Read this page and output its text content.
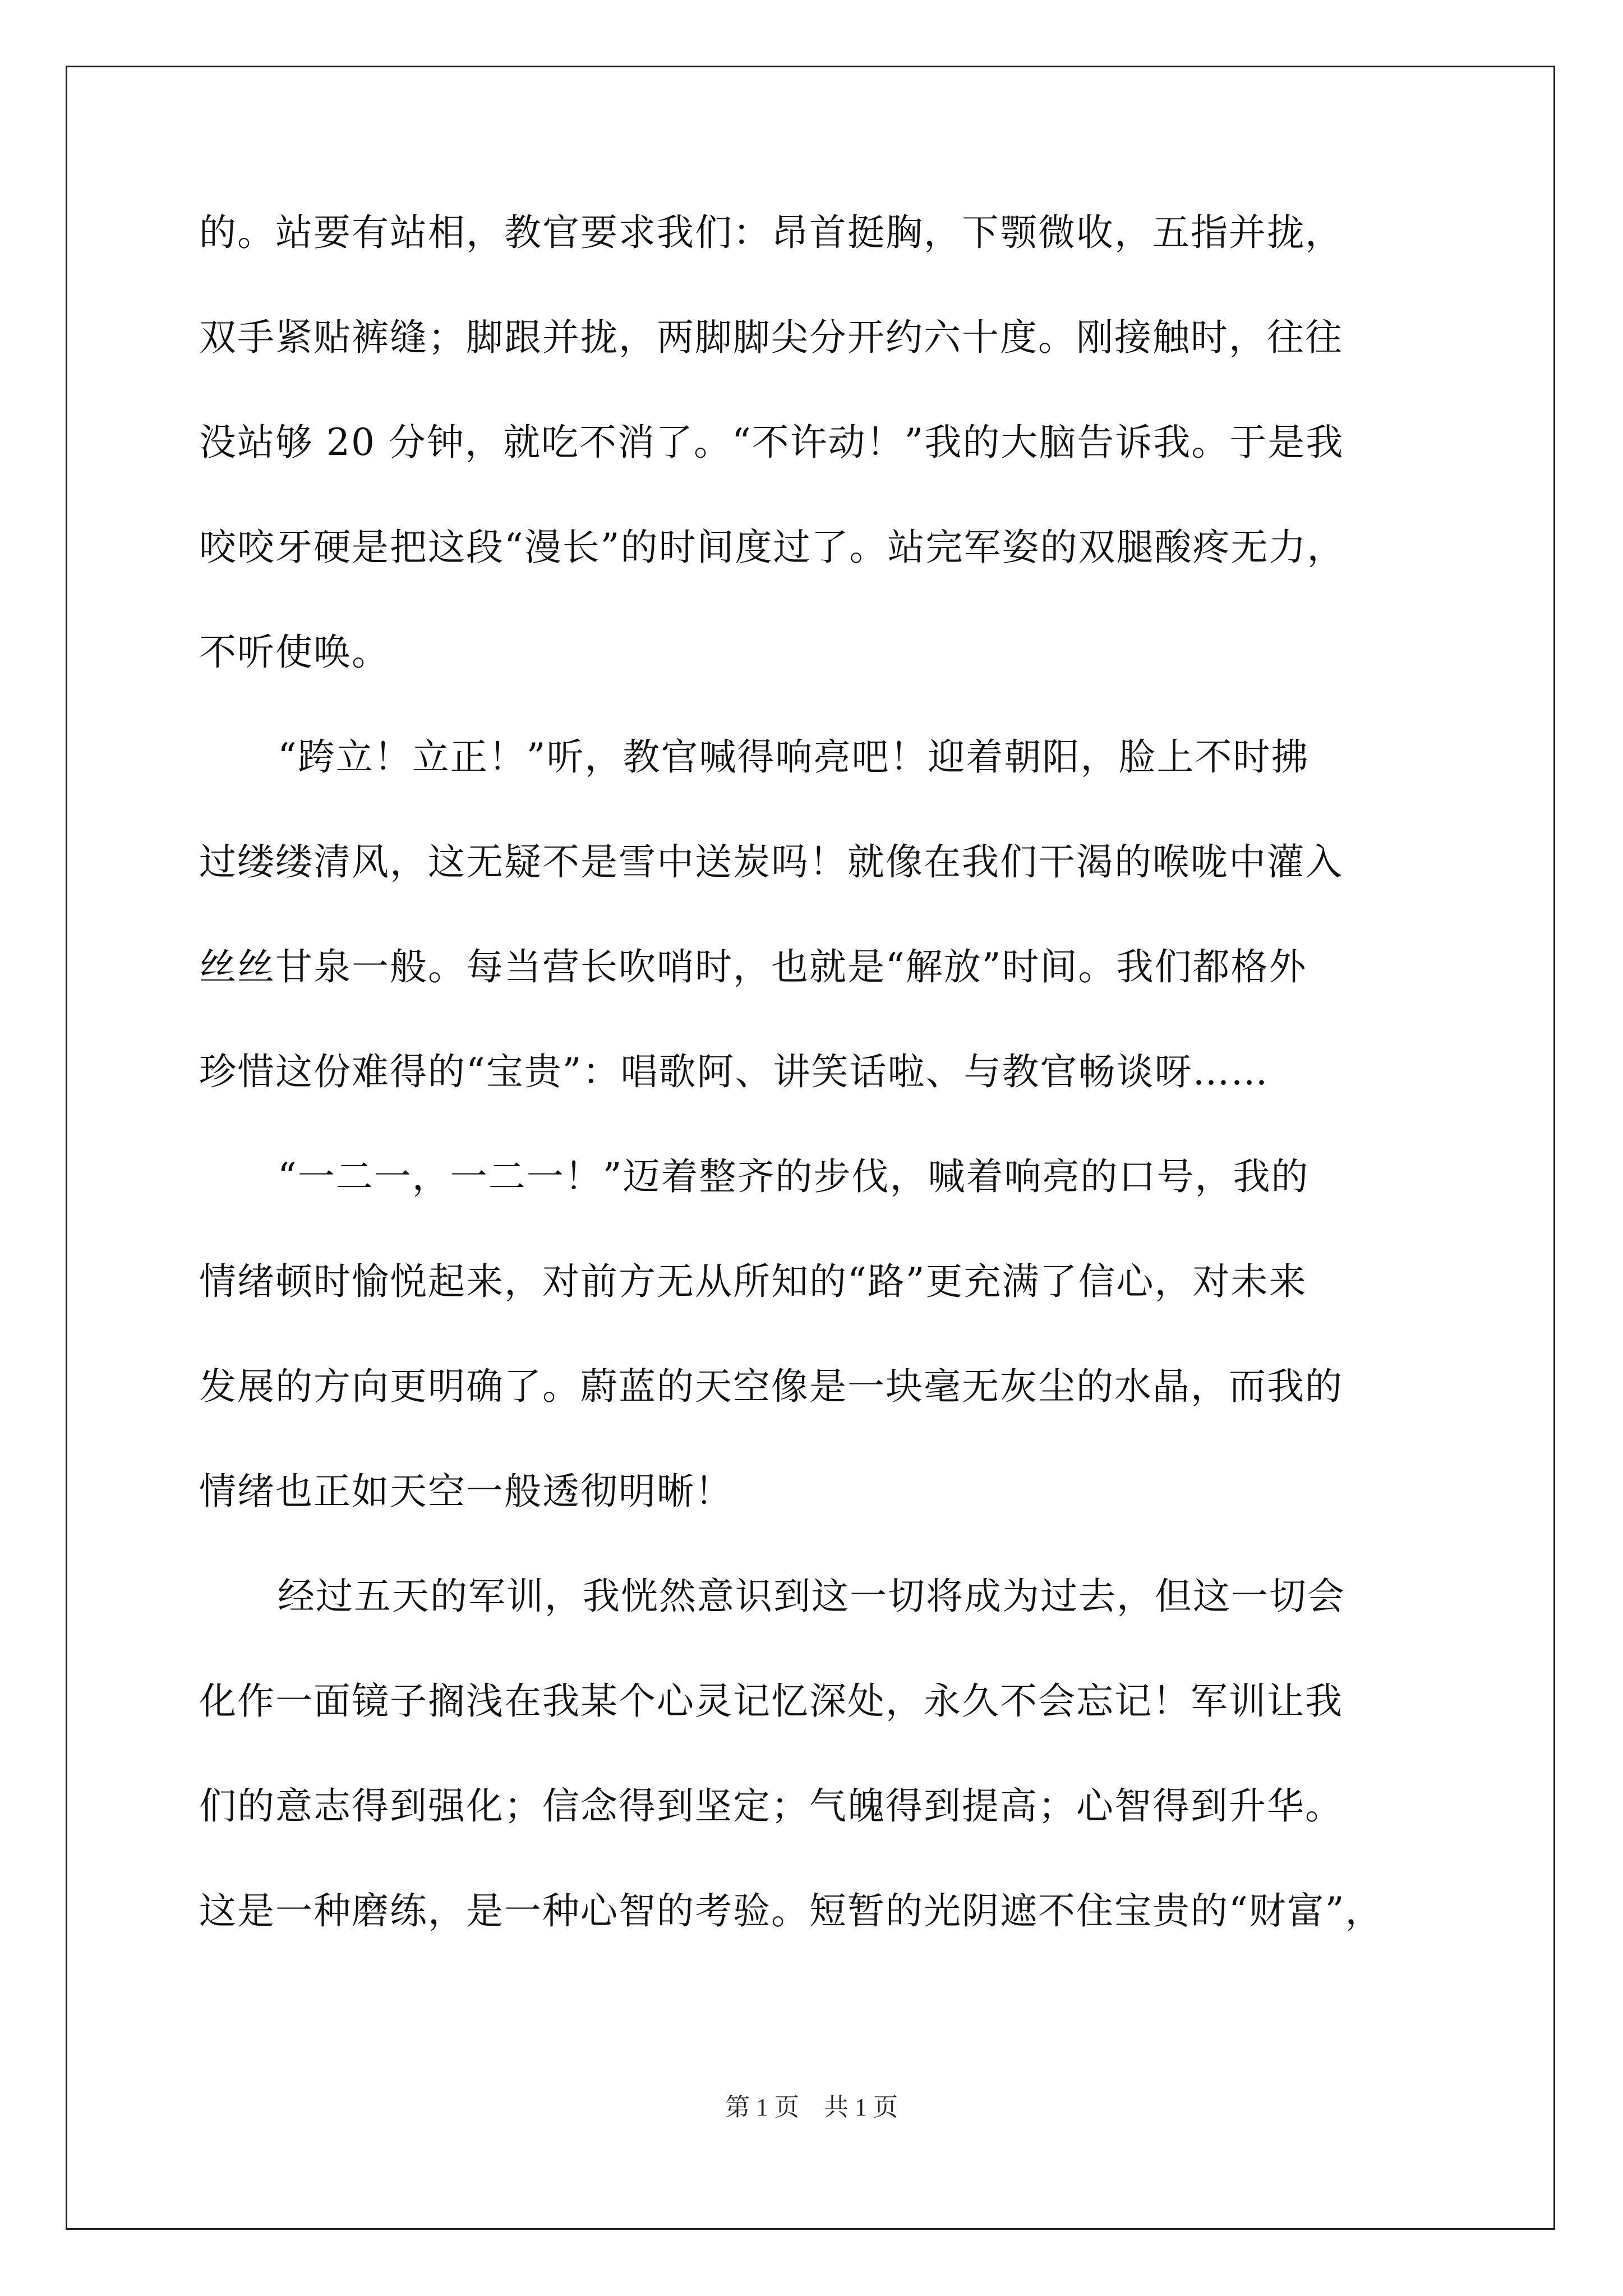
的。站要有站相，教官要求我们：昂首挺胸，下颚微收，五指并拢，
双手紧贴裤缝；脚跟并拢，两脚脚尖分开约六十度。刚接触时，往往
没站够 20 分钟，就吃不消了。“不许动！”我的大脑告诉我。于是我
咬咬牙硬是把这段“漫长”的时间度过了。站完军姿的双腿酸疼无力，
不听使唤。
“跨立！立正！”听，教官喊得响亮吧！迎着朝阳，脸上不时拂
过缕缕清风，这无疑不是雪中送炭吗！就像在我们干渴的喉咙中灌入
丝丝甘泉一般。每当营长吹哨时，也就是“解放”时间。我们都格外
珍惜这份难得的“宝贵”：唱歌阿、讲笑话啦、与教官畅谈呀……
“一二一，一二一！”迈着整齐的步伐，喊着响亮的口号，我的
情绪顿时愉悦起来，对前方无从所知的“路”更充满了信心，对未来
发展的方向更明确了。蔚蓝的天空像是一块毫无灰尘的水晶，而我的
情绪也正如天空一般透彻明晰！
经过五天的军训，我恍然意识到这一切将成为过去，但这一切会
化作一面镜子搁浅在我某个心灵记忆深处，永久不会忘记！军训让我
们的意志得到强化；信念得到坚定；气魄得到提高；心智得到升华。
这是一种磨练，是一种心智的考验。短暂的光阴遮不住宝贵的“财富”，
第 1 页　共 1 页
